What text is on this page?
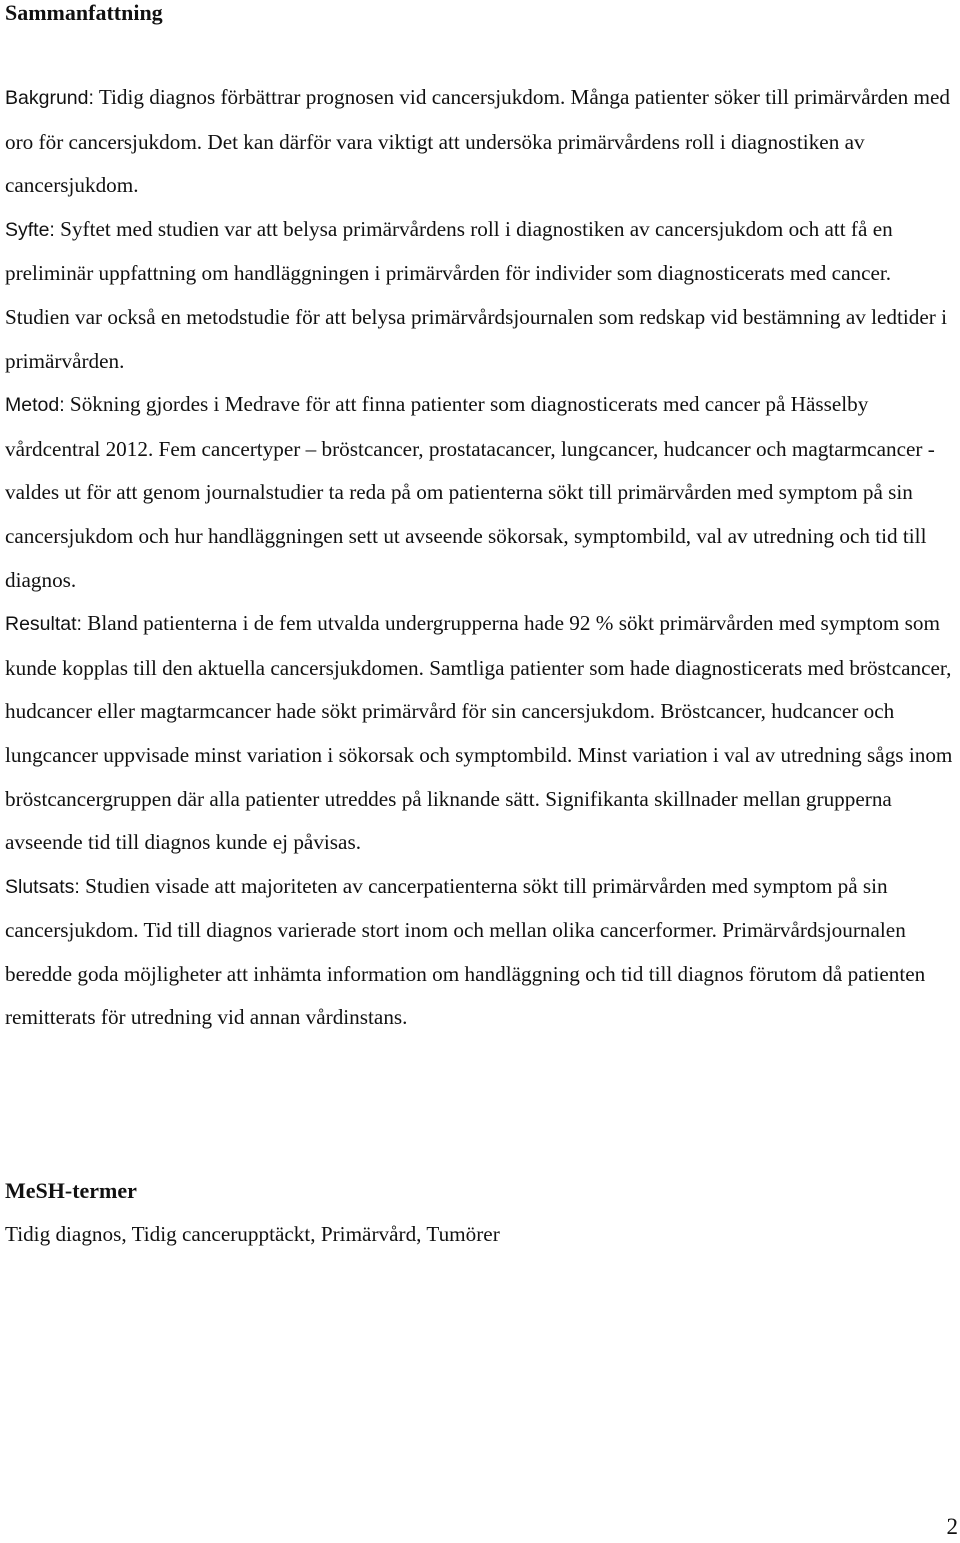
Sammanfattning

Bakgrund: Tidig diagnos förbättrar prognosen vid cancersjukdom. Många patienter söker till primärvården med oro för cancersjukdom. Det kan därför vara viktigt att undersöka primärvårdens roll i diagnostiken av cancersjukdom.

Syfte: Syftet med studien var att belysa primärvårdens roll i diagnostiken av cancersjukdom och att få en preliminär uppfattning om handläggningen i primärvården för individer som diagnosticerats med cancer. Studien var också en metodstudie för att belysa primärvårdsjournalen som redskap vid bestämning av ledtider i primärvården.

Metod: Sökning gjordes i Medrave för att finna patienter som diagnosticerats med cancer på Hässelby vårdcentral 2012. Fem cancertyper – bröstcancer, prostatacancer, lungcancer, hudcancer och magtarmcancer - valdes ut för att genom journalstudier ta reda på om patienterna sökt till primärvården med symptom på sin cancersjukdom och hur handläggningen sett ut avseende sökorsak, symptombild, val av utredning och tid till diagnos.

Resultat: Bland patienterna i de fem utvalda undergrupperna hade 92 % sökt primärvården med symptom som kunde kopplas till den aktuella cancersjukdomen. Samtliga patienter som hade diagnosticerats med bröstcancer, hudcancer eller magtarmcancer hade sökt primärvård för sin cancersjukdom. Bröstcancer, hudcancer och lungcancer uppvisade minst variation i sökorsak och symptombild. Minst variation i val av utredning sågs inom bröstcancergruppen där alla patienter utreddes på liknande sätt. Signifikanta skillnader mellan grupperna avseende tid till diagnos kunde ej påvisas.

Slutsats: Studien visade att majoriteten av cancerpatienterna sökt till primärvården med symptom på sin cancersjukdom. Tid till diagnos varierade stort inom och mellan olika cancerformer. Primärvårdsjournalen beredde goda möjligheter att inhämta information om handläggning och tid till diagnos förutom då patienten remitterats för utredning vid annan vårdinstans.

MeSH-termer

Tidig diagnos, Tidig cancerupptäckt, Primärvård, Tumörer

2
